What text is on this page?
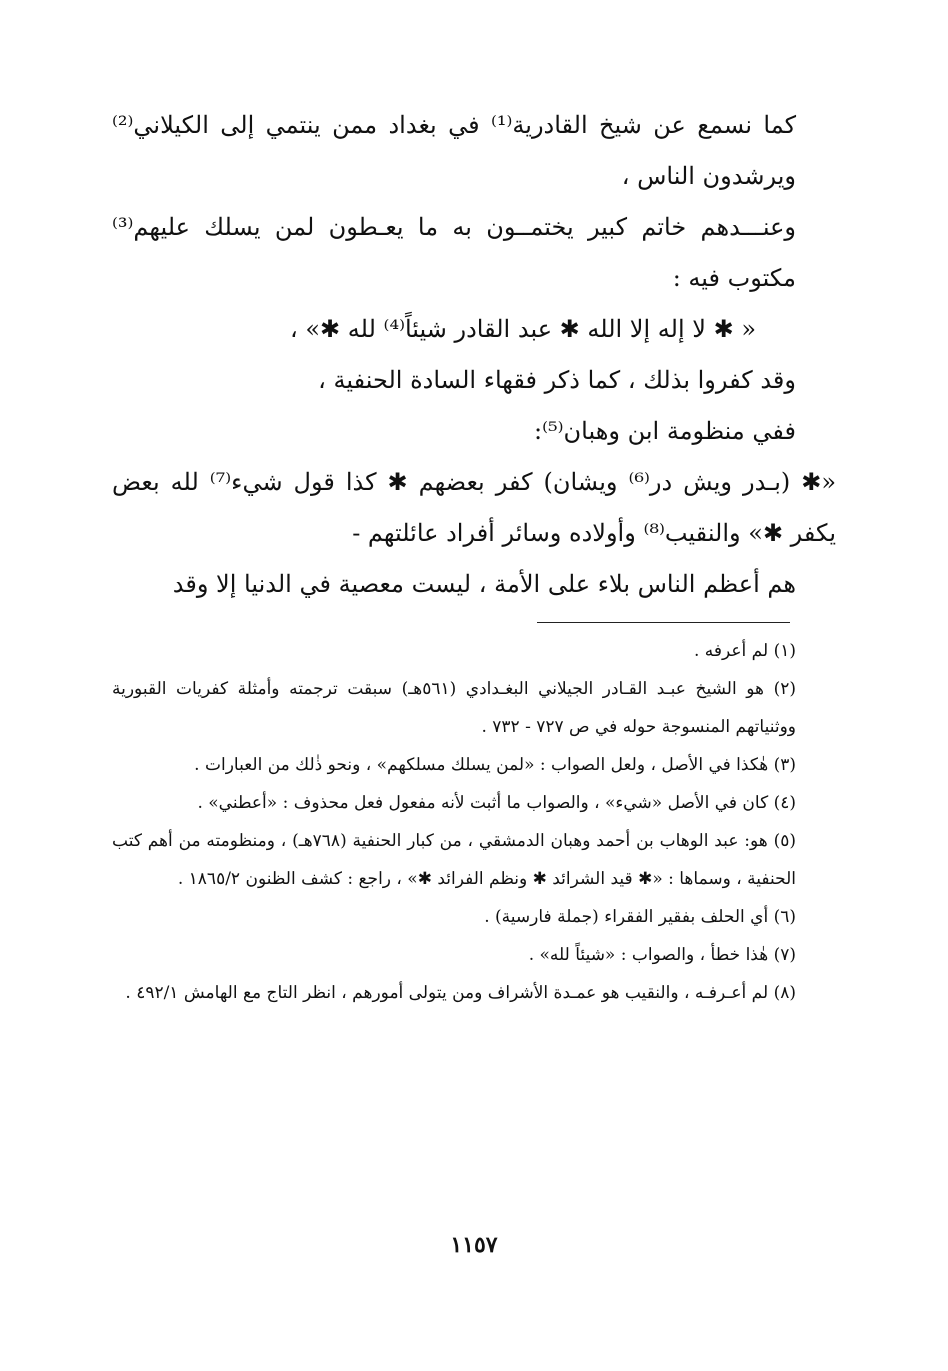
كما نسمع عن شيخ القادرية⁽¹⁾ في بغداد ممن ينتمي إلى الكيلاني⁽²⁾ ويرشدون الناس ،

وعنـــدهم خاتم كبير يختمــون به ما يعـطون لمن يسلك عليهم⁽³⁾ مكتوب فيه :

« ✱ لا إله إلا الله ✱ عبد القادر شيئاً⁽⁴⁾ لله ✱» ،

وقد كفروا بذلك ، كما ذكر فقهاء السادة الحنفية ،

ففي منظومة ابن وهبان⁽⁵⁾:

«✱ (بـدر ويش در⁽⁶⁾ ويشان) كفر بعضهم ✱ كذا قول شيء⁽⁷⁾ لله بعض يكفر ✱» والنقيب⁽⁸⁾ وأولاده وسائر أفراد عائلتهم -

هم أعظم الناس بلاء على الأمة ، ليست معصية في الدنيا إلا وقد

(١) لم أعرفه .

(٢) هو الشيخ عبـد القـادر الجيلاني البغـدادي (٥٦١هـ) سبقت ترجمته وأمثلة كفريات القبورية ووثنياتهم المنسوجة حوله في ص ٧٢٧ - ٧٣٢ .

(٣) هٰكذا في الأصل ، ولعل الصواب : «لمن يسلك مسلكهم» ، ونحو ذٰلك من العبارات .

(٤) كان في الأصل «شيء» ، والصواب ما أثبت لأنه مفعول فعل محذوف : «أعطني» .

(٥) هو: عبد الوهاب بن أحمد وهبان الدمشقي ، من كبار الحنفية (٧٦٨هـ) ، ومنظومته من أهم كتب الحنفية ، وسماها : «✱ قيد الشرائد ✱ ونظم الفرائد ✱» ، راجع : كشف الظنون ١٨٦٥/٢ .

(٦) أي الحلف بفقير الفقراء (جملة فارسية) .

(٧) هٰذا خطأ ، والصواب : «شيئاً لله» .

(٨) لم أعـرفـه ، والنقيب هو عمـدة الأشراف ومن يتولى أمورهم ، انظر التاج مع الهامش ٤٩٢/١ .

١١٥٧
